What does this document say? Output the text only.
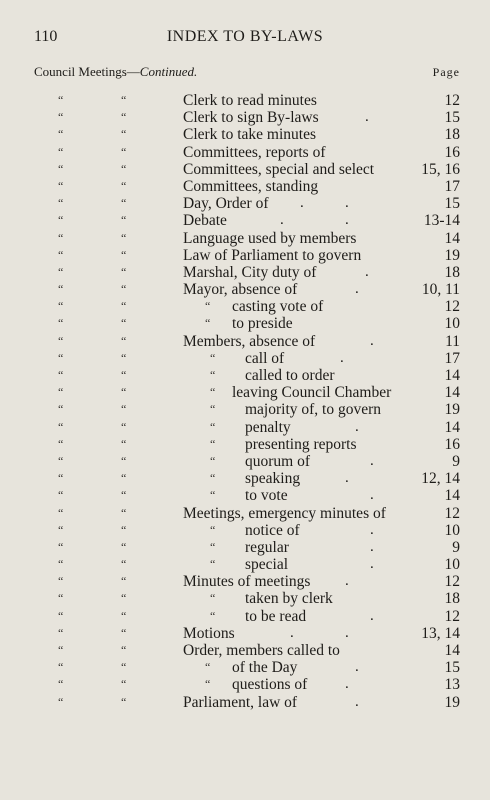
110	INDEX TO BY-LAWS
Council Meetings—Continued.	Page
“	“	Clerk to read minutes	12
“	“	Clerk to sign By-laws	.	15
“	“	Clerk to take minutes	18
“	“	Committees, reports of	16
“	“	Committees, special and select	15, 16
“	“	Committees, standing	17
“	“	Day, Order of .	.	15
“	“	Debate	.	.	13-14
“	“	Language used by members	14
“	“	Law of Parliament to govern	19
“	“	Marshal, City duty of	.	18
“	“	Mayor, absence of	.	10, 11
“	“	“ casting vote of	12
“	“	“ to preside	10
“	“	Members, absence of	.	11
“	“	“ call of	.	17
“	“	“ called to order	14
“	“	“ leaving Council Chamber	14
“	“	“ majority of, to govern	19
“	“	“ penalty	.	14
“	“	“ presenting reports	16
“	“	“ quorum of	.	9
“	“	“ speaking	.	12, 14
“	“	“ to vote	.	14
“	“	Meetings, emergency minutes of	12
“	“	“ notice of	.	10
“	“	“ regular	.	9
“	“	“ special	.	10
“	“	Minutes of meetings .	12
“	“	“ taken by clerk	18
“	“	“ to be read	.	12
“	“	Motions	.	.	13, 14
“	“	Order, members called to	14
“	“	“ of the Day	.	15
“	“	“ questions of	.	13
“	“	Parliament, law of	.	19
